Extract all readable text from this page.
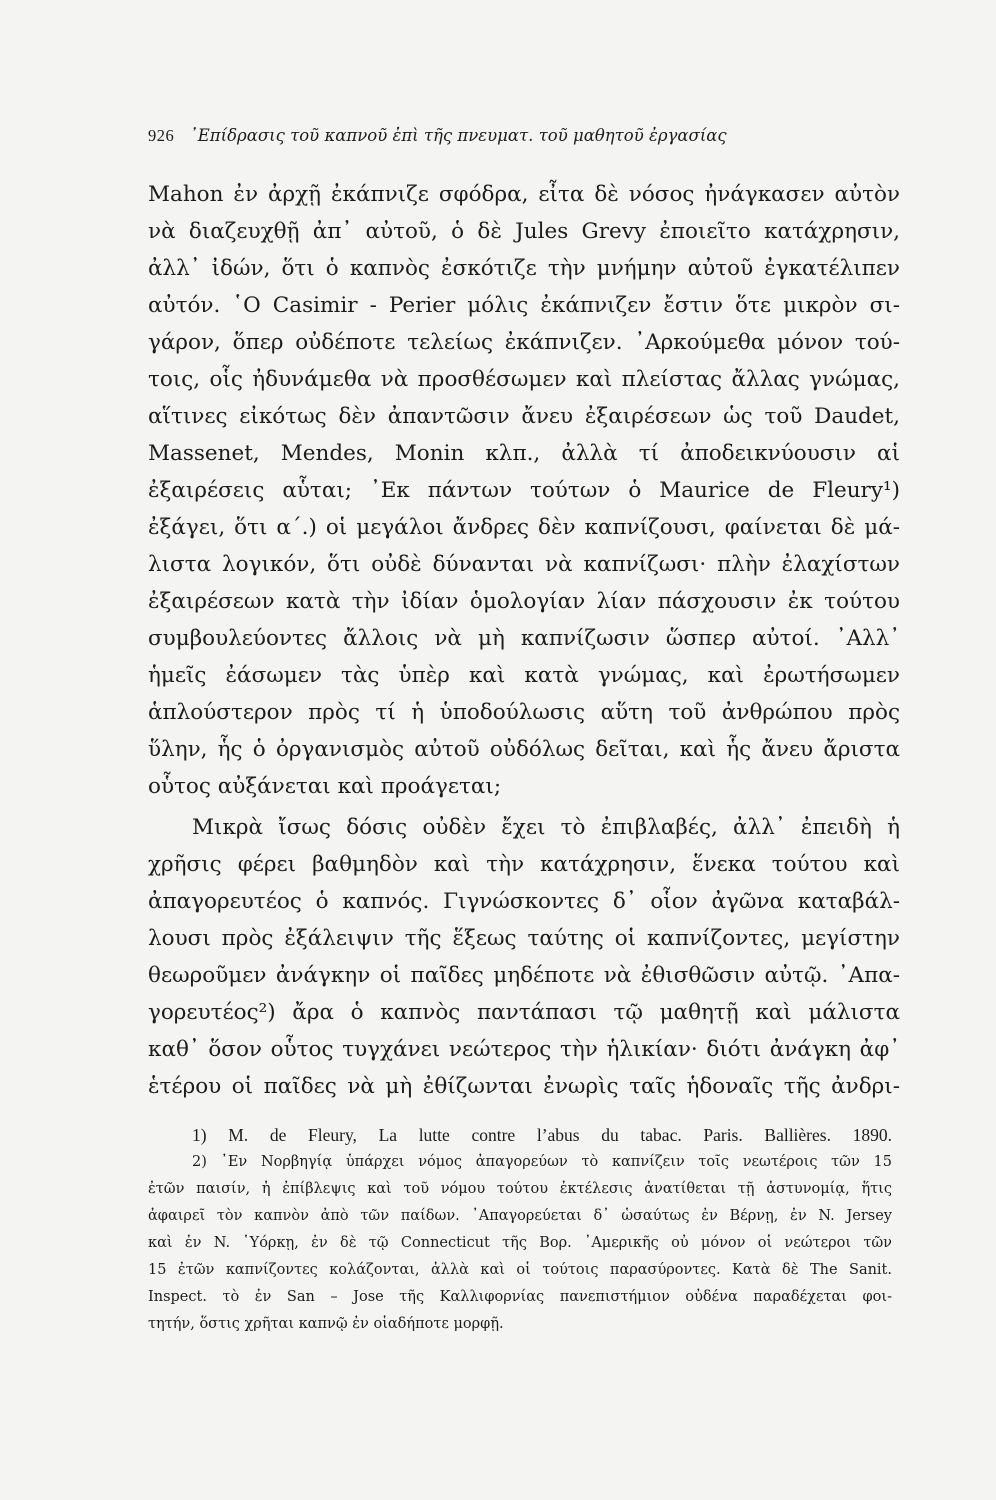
926 ᾿Επίδρασις τοῦ καπνοῦ ἐπὶ τῆς πνευματ. τοῦ μαθητοῦ ἐργασίας
Mahon ἐν ἀρχῇ ἐκάπνιζε σφόδρα, εἶτα δὲ νόσος ἠνάγκασεν αὐτὸν
νὰ διαζευχθῇ ἀπ᾿ αὐτοῦ, ὁ δὲ Jules Grevy ἐποιεῖτο κατάχρησιν,
ἀλλ᾿ ἰδών, ὅτι ὁ καπνὸς ἐσκότιζε τὴν μνήμην αὐτοῦ ἐγκατέλιπεν
αὐτόν. ῾Ο Casimir - Perier μόλις ἐκάπνιζεν ἔστιν ὅτε μικρὸν σι-
γάρον, ὅπερ οὐδέποτε τελείως ἐκάπνιζεν. ᾿Αρκούμεθα μόνον τού-
τοις, οἷς ἠδυνάμεθα νὰ προσθέσωμεν καὶ πλείστας ἄλλας γνώμας,
αἵτινες εἰκότως δὲν ἀπαντῶσιν ἄνευ ἐξαιρέσεων ὡς τοῦ Daudet,
Massenet, Mendes, Monin κλπ., ἀλλὰ τί ἀποδεικνύουσιν αἱ
ἐξαιρέσεις αὗται; ᾿Εκ πάντων τούτων ὁ Maurice de Fleury¹)
ἐξάγει, ὅτι α΄.) οἱ μεγάλοι ἄνδρες δὲν καπνίζουσι, φαίνεται δὲ μά-
λιστα λογικόν, ὅτι οὐδὲ δύνανται νὰ καπνίζωσι· πλὴν ἐλαχίστων
ἐξαιρέσεων κατὰ τὴν ἰδίαν ὁμολογίαν λίαν πάσχουσιν ἐκ τούτου
συμβουλεύοντες ἄλλοις νὰ μὴ καπνίζωσιν ὥσπερ αὐτοί. ᾿Αλλ᾿
ἡμεῖς ἐάσωμεν τὰς ὑπὲρ καὶ κατὰ γνώμας, καὶ ἐρωτήσωμεν
ἁπλούστερον πρὸς τί ἡ ὑποδούλωσις αὕτη τοῦ ἀνθρώπου πρὸς
ὕλην, ἧς ὁ ὀργανισμὸς αὐτοῦ οὐδόλως δεῖται, καὶ ἧς ἄνευ ἄριστα
οὗτος αὐξάνεται καὶ προάγεται;
Μικρὰ ἴσως δόσις οὐδὲν ἔχει τὸ ἐπιβλαβές, ἀλλ᾿ ἐπειδὴ ἡ
χρῆσις φέρει βαθμηδὸν καὶ τὴν κατάχρησιν, ἕνεκα τούτου καὶ
ἀπαγορευτέος ὁ καπνός. Γιγνώσκοντες δ᾿ οἷον ἀγῶνα καταβάλ-
λουσι πρὸς ἐξάλειψιν τῆς ἕξεως ταύτης οἱ καπνίζοντες, μεγίστην
θεωροῦμεν ἀνάγκην οἱ παῖδες μηδέποτε νὰ ἐθισθῶσιν αὐτῷ. ᾿Απα-
γορευτέος²) ἄρα ὁ καπνὸς παντάπασι τῷ μαθητῇ καὶ μάλιστα
καθ᾿ ὅσον οὗτος τυγχάνει νεώτερος τὴν ἡλικίαν· διότι ἀνάγκη ἀφ᾿
ἑτέρου οἱ παῖδες νὰ μὴ ἐθίζωνται ἐνωρὶς ταῖς ἡδοναῖς τῆς ἀνδρι-
1) M. de Fleury, La lutte contre l’abus du tabac. Paris. Ballières. 1890.
2) ᾿Εν Νορβηγίᾳ ὑπάρχει νόμος ἀπαγορεύων τὸ καπνίζειν τοῖς νεωτέροις τῶν 15
ἐτῶν παισίν, ἡ ἐπίβλεψις καὶ τοῦ νόμου τούτου ἐκτέλεσις ἀνατίθεται τῇ ἀστυνομίᾳ, ἥτις
ἀφαιρεῖ τὸν καπνὸν ἀπὸ τῶν παίδων. ᾿Απαγορεύεται δ᾿ ὡσαύτως ἐν Βέρνῃ, ἐν N. Jersey
καὶ ἐν N. ῾Υόρκῃ, ἐν δὲ τῷ Connecticut τῆς Βορ. ᾿Αμερικῆς οὐ μόνον οἱ νεώτεροι τῶν
15 ἐτῶν καπνίζοντες κολάζονται, ἀλλὰ καὶ οἱ τούτοις παρασύροντες. Κατὰ δὲ The Sanit.
Inspect. τὸ ἐν San – Jose τῆς Καλλιφορνίας πανεπιστήμιον οὐδένα παραδέχεται φοι-
τητήν, ὅστις χρῆται καπνῷ ἐν οἱαδήποτε μορφῇ.
